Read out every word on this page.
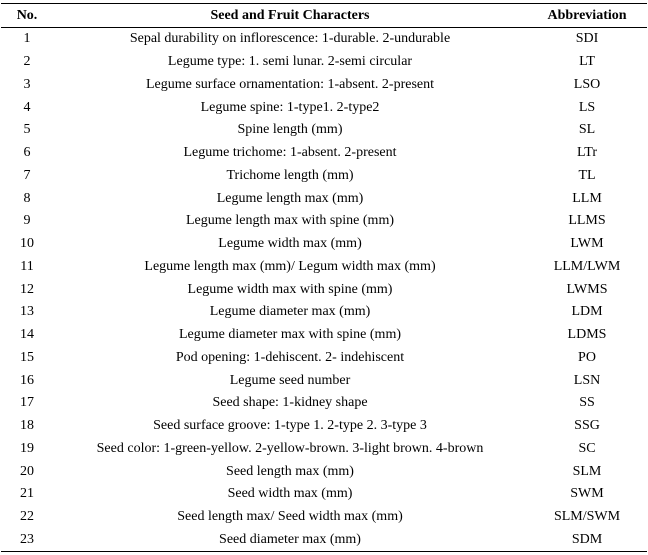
No.	Seed and Fruit Characters	Abbreviation
1	Sepal durability on inflorescence: 1-durable. 2-undurable	SDI
2	Legume type: 1. semi lunar. 2-semi circular	LT
3	Legume surface ornamentation: 1-absent. 2-present	LSO
4	Legume spine: 1-type1. 2-type2	LS
5	Spine length (mm)	SL
6	Legume trichome: 1-absent. 2-present	LTr
7	Trichome length (mm)	TL
8	Legume length max (mm)	LLM
9	Legume length max with spine (mm)	LLMS
10	Legume width max (mm)	LWM
11	Legume length max (mm)/ Legum width max (mm)	LLM/LWM
12	Legume width max with spine (mm)	LWMS
13	Legume diameter max (mm)	LDM
14	Legume diameter max with spine (mm)	LDMS
15	Pod opening: 1-dehiscent. 2- indehiscent	PO
16	Legume seed number	LSN
17	Seed shape: 1-kidney shape	SS
18	Seed surface groove: 1-type 1. 2-type 2. 3-type 3	SSG
19	Seed color: 1-green-yellow. 2-yellow-brown. 3-light brown. 4-brown	SC
20	Seed length max (mm)	SLM
21	Seed width max (mm)	SWM
22	Seed length max/ Seed width max (mm)	SLM/SWM
23	Seed diameter max (mm)	SDM
